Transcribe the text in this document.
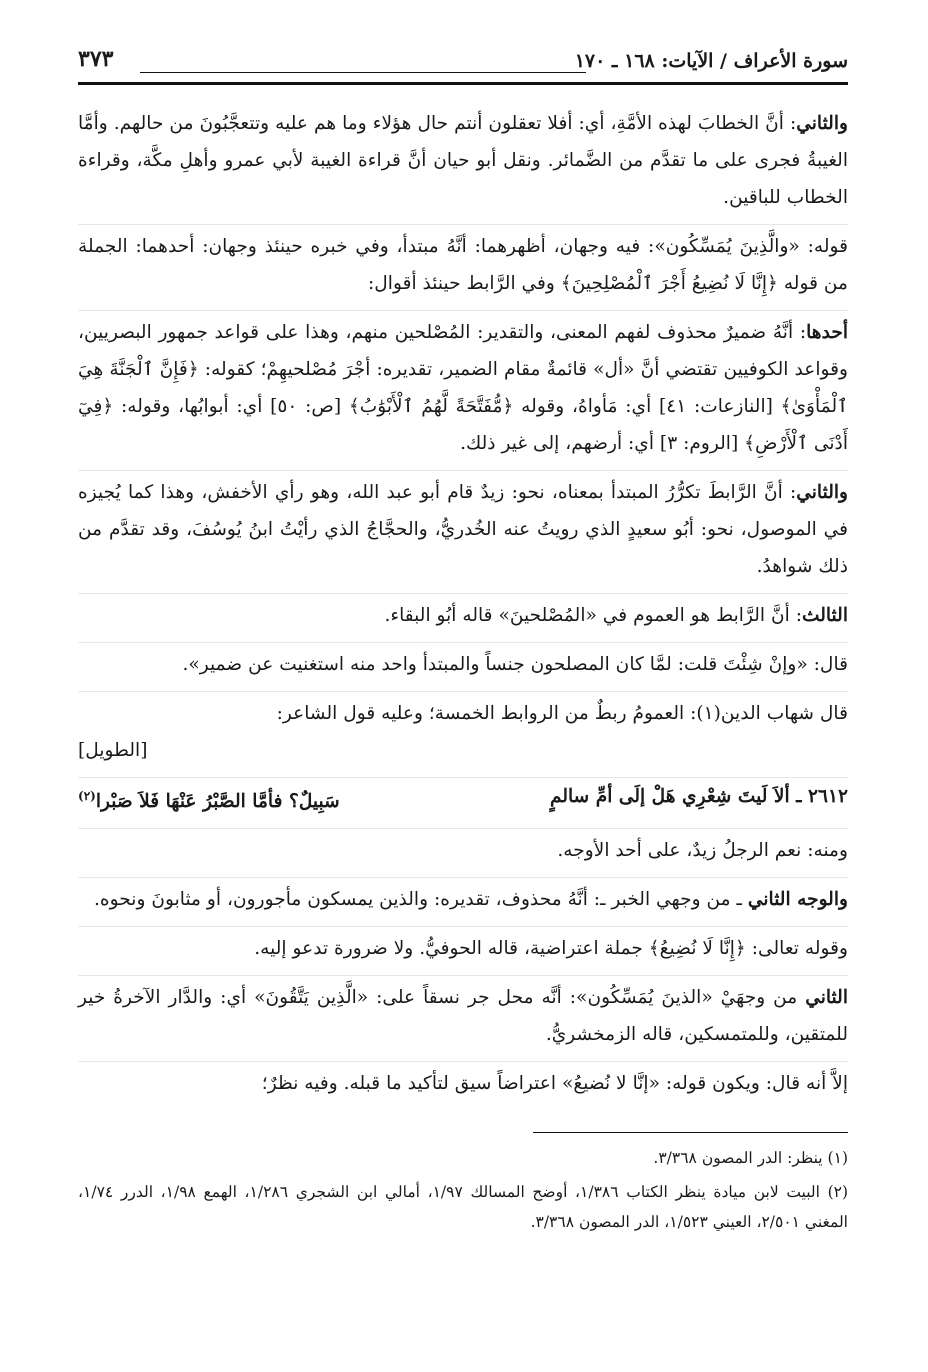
سورة الأعراف / الآيات: ١٦٨ ـ ١٧٠
٣٧٣

والثاني: أنَّ الخطابَ لهذه الأمَّةِ، أي: أفلا تعقلون أنتم حال هؤلاء وما هم عليه وتتعجَّبُونَ من حالهم. وأمَّا الغيبةُ فجرى على ما تقدَّم من الضَّمائر. ونقل أبو حيان أنَّ قراءة الغيبة لأبي عمرو وأهلِ مكَّة، وقراءة الخطاب للباقين.

قوله: «والَّذِينَ يُمَسِّكُون»: فيه وجهان، أظهرهما: أنَّهُ مبتدأ، وفي خبره حينئذ وجهان: أحدهما: الجملة من قوله ﴿إِنَّا لَا نُضِيعُ أَجْرَ ٱلْمُصْلِحِينَ﴾ وفي الرَّابط حينئذ أقوال:

أحدها: أنَّهُ ضميرٌ محذوف لفهم المعنى، والتقدير: المُصْلحين منهم، وهذا على قواعد جمهور البصريين، وقواعد الكوفيين تقتضي أنَّ «أل» قائمةٌ مقام الضمير، تقديره: أجْرَ مُصْلحيهِمْ؛ كقوله: ﴿فَإِنَّ ٱلْجَنَّةَ هِيَ ٱلْمَأْوَىٰ﴾ [النازعات: ٤١] أي: مَأواهُ، وقوله ﴿مُّفَتَّحَةً لَّهُمُ ٱلْأَبْوَٰبُ﴾ [ص: ٥٠] أي: أبوابُها، وقوله: ﴿فِيٓ أَدْنَى ٱلْأَرْضِ﴾ [الروم: ٣] أي: أرضهم، إلى غير ذلك.

والثاني: أنَّ الرَّابطَ تكرُّرُ المبتدأ بمعناه، نحو: زيدٌ قام أبو عبد الله، وهو رأي الأخفش، وهذا كما يُجيزه في الموصول، نحو: أبُو سعيدٍ الذي رويتُ عنه الخُدريُّ، والحجَّاجُ الذي رأيْتُ ابنُ يُوسُفَ، وقد تقدَّم من ذلك شواهدُ.

الثالث: أنَّ الرَّابط هو العموم في «المُصْلحينَ» قاله أبُو البقاء.

قال: «وإنْ شِئْتَ قلت: لمَّا كان المصلحون جنساً والمبتدأ واحد منه استغنيت عن ضمير».

قال شهاب الدين(١): العمومُ ربطٌ من الروابط الخمسة؛ وعليه قول الشاعر:

[الطويل]
٢٦١٢ ـ ألاَ لَيتَ شِعْرِي هَلْ إلَى أمِّ سالمٍ
سَبِيلٌ؟ فأمَّا الصَّبْرُ عَنْهَا فَلاَ صَبْرا$^{(٢)}$

ومنه: نعم الرجلُ زيدٌ، على أحد الأوجه.

والوجه الثاني ـ من وجهي الخبر ـ: أنَّهُ محذوف، تقديره: والذين يمسكون مأجورون، أو مثابونَ ونحوه.

وقوله تعالى: ﴿إِنَّا لَا نُضِيعُ﴾ جملة اعتراضية، قاله الحوفيُّ. ولا ضرورة تدعو إليه.

الثاني من وجهَيْ «الذينَ يُمَسِّكُون»: أنَّه محل جر نسقاً على: «الَّذِين يَتَّقُونَ» أي: والدَّار الآخرةُ خير للمتقين، وللمتمسكين، قاله الزمخشريُّ.

إلاَّ أنه قال: ويكون قوله: «إنَّا لا نُضيعُ» اعتراضاً سيق لتأكيد ما قبله. وفيه نظرٌ؛

(١) ينظر: الدر المصون ٣/٣٦٨.

(٢) البيت لابن ميادة ينظر الكتاب ١/٣٨٦، أوضح المسالك ١/٩٧، أمالي ابن الشجري ١/٢٨٦، الهمع ١/٩٨، الدرر ١/٧٤، المغني ٢/٥٠١، العيني ١/٥٢٣، الدر المصون ٣/٣٦٨.
